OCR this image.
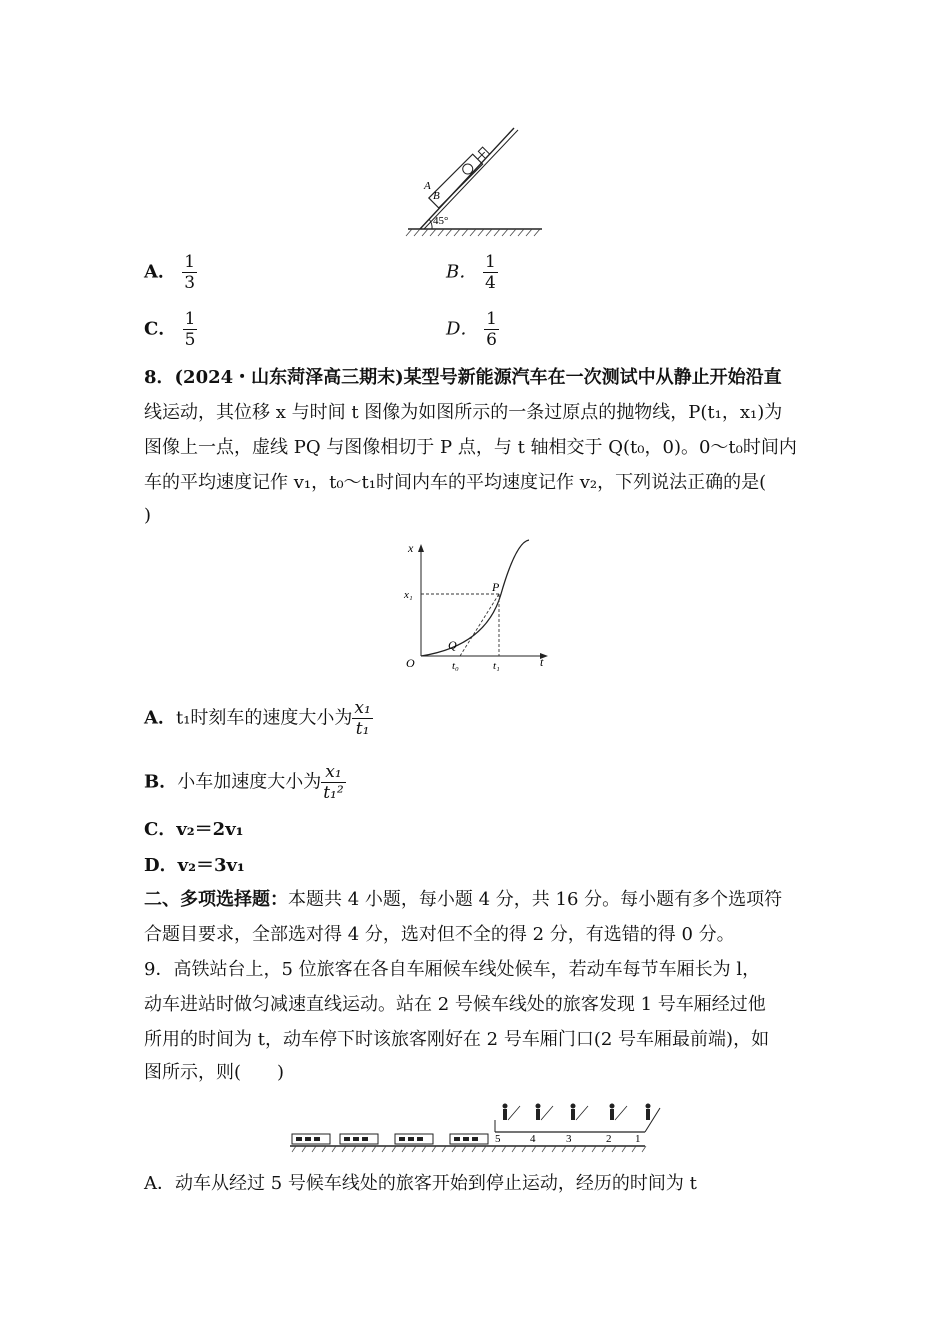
45°
A
B
A． $\frac{1}{3}$	B． $\frac{1}{4}$
C． $\frac{1}{5}$	D． $\frac{1}{6}$
8．(2024・山东菏泽高三期末)某型号新能源汽车在一次测试中从静止开始沿直
线运动，其位移 x 与时间 t 图像为如图所示的一条过原点的抛物线，P(t₁，x₁)为
图像上一点，虚线 PQ 与图像相切于 P 点，与 t 轴相交于 Q(t₀，0)。0～t₀时间内
车的平均速度记作 v₁，t₀～t₁时间内车的平均速度记作 v₂，下列说法正确的是(
)
x
t
O
P
Q
x₁
t₀	t₁
A．t₁时刻车的速度大小为 $\frac{\text{x₁}}{\text{t₁}}$
B．小车加速度大小为 $\frac{\text{x₁}}{\text{t₁²}}$
C．v₂＝2v₁
D．v₂＝3v₁
二、多项选择题：本题共 4 小题，每小题 4 分，共 16 分。每小题有多个选项符
合题目要求，全部选对得 4 分，选对但不全的得 2 分，有选错的得 0 分。
9．高铁站台上，5 位旅客在各自车厢候车线处候车，若动车每节车厢长为 l，
动车进站时做匀减速直线运动。站在 2 号候车线处的旅客发现 1 号车厢经过他
所用的时间为 t，动车停下时该旅客刚好在 2 号车厢门口(2 号车厢最前端)，如
图所示，则(　　)
5	4	3	2 1
A．动车从经过 5 号候车线处的旅客开始到停止运动，经历的时间为 t
